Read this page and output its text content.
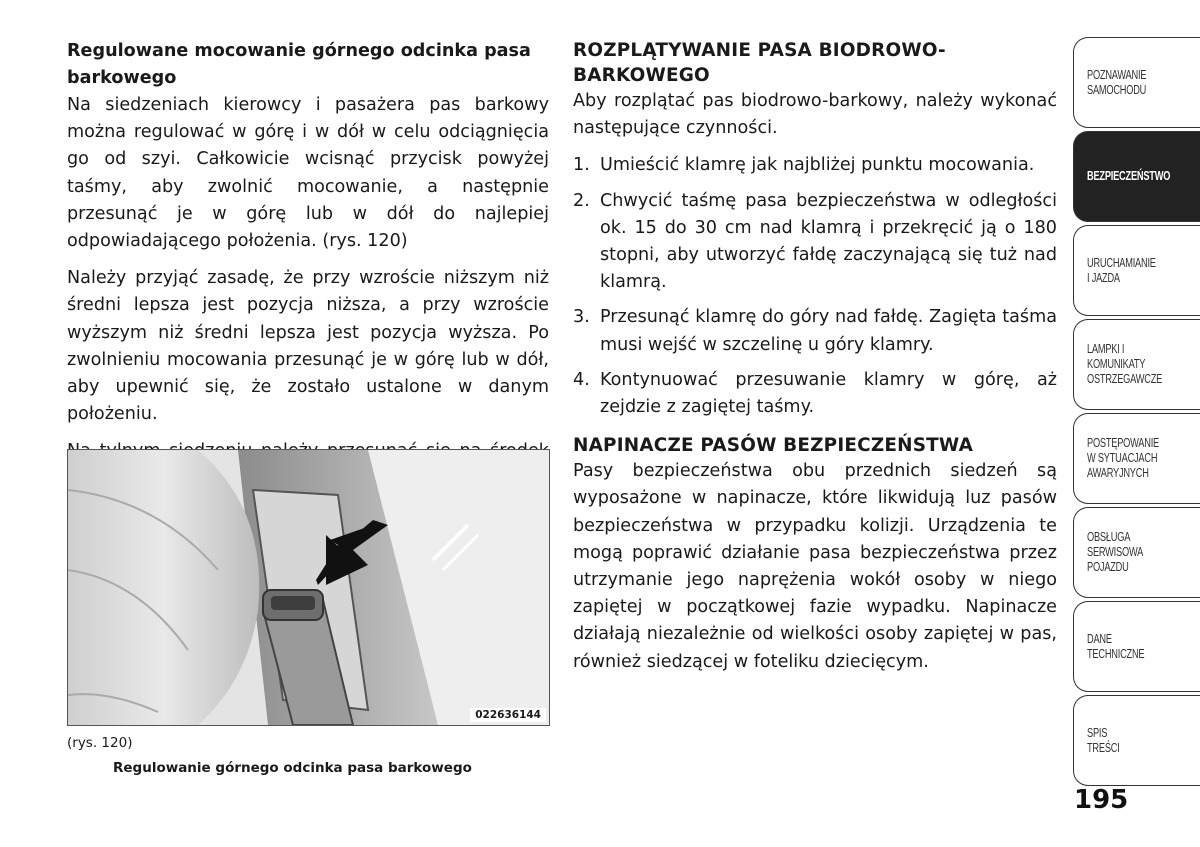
Regulowane mocowanie górnego odcinka pasa barkowego

Na siedzeniach kierowcy i pasażera pas barkowy można regulować w górę i w dół w celu odciągnięcia go od szyi. Całkowicie wcisnąć przycisk powyżej taśmy, aby zwolnić mocowanie, a następnie przesunąć je w górę lub w dół do najlepiej odpowiadającego położenia. (rys. 120)

Należy przyjąć zasadę, że przy wzroście niższym niż średni lepsza jest pozycja niższa, a przy wzroście wyższym niż średni lepsza jest pozycja wyższa. Po zwolnieniu mocowania przesunąć je w górę lub w dół, aby upewnić się, że zostało ustalone w danym położeniu.

022636144
(rys. 120)
Regulowanie górnego odcinka pasa barkowego
ROZPLĄTYWANIE PASA BIODROWO-BARKOWEGO

Aby rozplątać pas biodrowo-barkowy, należy wykonać następujące czynności.

1. Umieścić klamrę jak najbliżej punktu mocowania.
2. Chwycić taśmę pasa bezpieczeństwa w odległości ok. 15 do 30 cm nad klamrą i przekręcić ją o 180 stopni, aby utworzyć fałdę zaczynającą się tuż nad klamrą.
3. Przesunąć klamrę do góry nad fałdę. Zagięta taśma musi wejść w szczelinę u góry klamry.
4. Kontynuować przesuwanie klamry w górę, aż zejdzie z zagiętej taśmy.
NAPINACZE PASÓW BEZPIECZEŃSTWA

Pasy bezpieczeństwa obu przednich siedzeń są wyposażone w napinacze, które likwidują luz pasów bezpieczeństwa w przypadku kolizji. Urządzenia te mogą poprawić działanie pasa bezpieczeństwa przez utrzymanie jego naprężenia wokół osoby w niego zapiętej w początkowej fazie wypadku. Napinacze działają niezależnie od wielkości osoby zapiętej w pas, również siedzącej w foteliku dziecięcym.

POZNAWANIE
SAMOCHODU
BEZPIECZEŃSTWO
URUCHAMIANIE
I JAZDA
LAMPKI I
KOMUNIKATY
OSTRZEGAWCZE
POSTĘPOWANIE
W SYTUACJACH
AWARYJNYCH
OBSŁUGA
SERWISOWA
POJAZDU
DANE
TECHNICZNE
SPIS
TREŚCI
195
